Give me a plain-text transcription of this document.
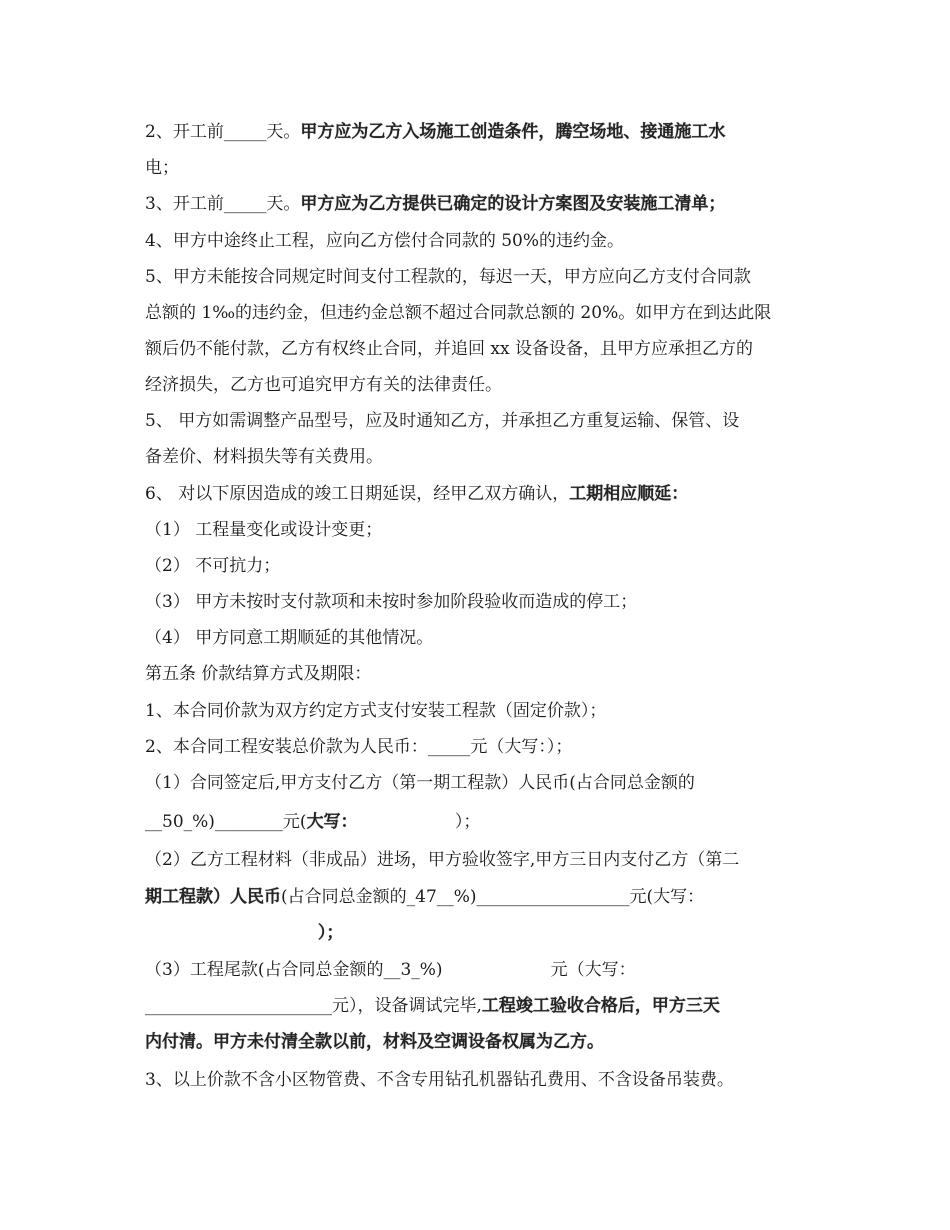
2、开工前_____天。甲方应为乙方入场施工创造条件，腾空场地、接通施工水
电；
3、开工前_____天。甲方应为乙方提供已确定的设计方案图及安装施工清单；
4、甲方中途终止工程，应向乙方偿付合同款的 50%的违约金。
5、甲方未能按合同规定时间支付工程款的，每迟一天，甲方应向乙方支付合同款
总额的 1‰的违约金，但违约金总额不超过合同款总额的 20%。如甲方在到达此限
额后仍不能付款，乙方有权终止合同，并追回 xx 设备设备，且甲方应承担乙方的
经济损失，乙方也可追究甲方有关的法律责任。
5、 甲方如需调整产品型号，应及时通知乙方，并承担乙方重复运输、保管、设
备差价、材料损失等有关费用。
6、 对以下原因造成的竣工日期延误，经甲乙双方确认，工期相应顺延：
（1） 工程量变化或设计变更；
（2） 不可抗力；
（3） 甲方未按时支付款项和未按时参加阶段验收而造成的停工；
（4） 甲方同意工期顺延的其他情况。
第五条 价款结算方式及期限：
1、本合同价款为双方约定方式支付安装工程款（固定价款）；
2、本合同工程安装总价款为人民币：_____元（大写：）；
（1）合同签定后,甲方支付乙方（第一期工程款）人民币(占合同总金额的
__50_%)________元(大写：                  ）；
（2）乙方工程材料（非成品）进场，甲方验收签字,甲方三日内支付乙方（第二
期工程款）人民币(占合同总金额的_47__%)__________________元(大写：
）；
（3）工程尾款(占合同总金额的__3_%)                    元（大写：
______________________元），设备调试完毕,工程竣工验收合格后，甲方三天
内付清。甲方未付清全款以前，材料及空调设备权属为乙方。
3、以上价款不含小区物管费、不含专用钻孔机器钻孔费用、不含设备吊装费。
